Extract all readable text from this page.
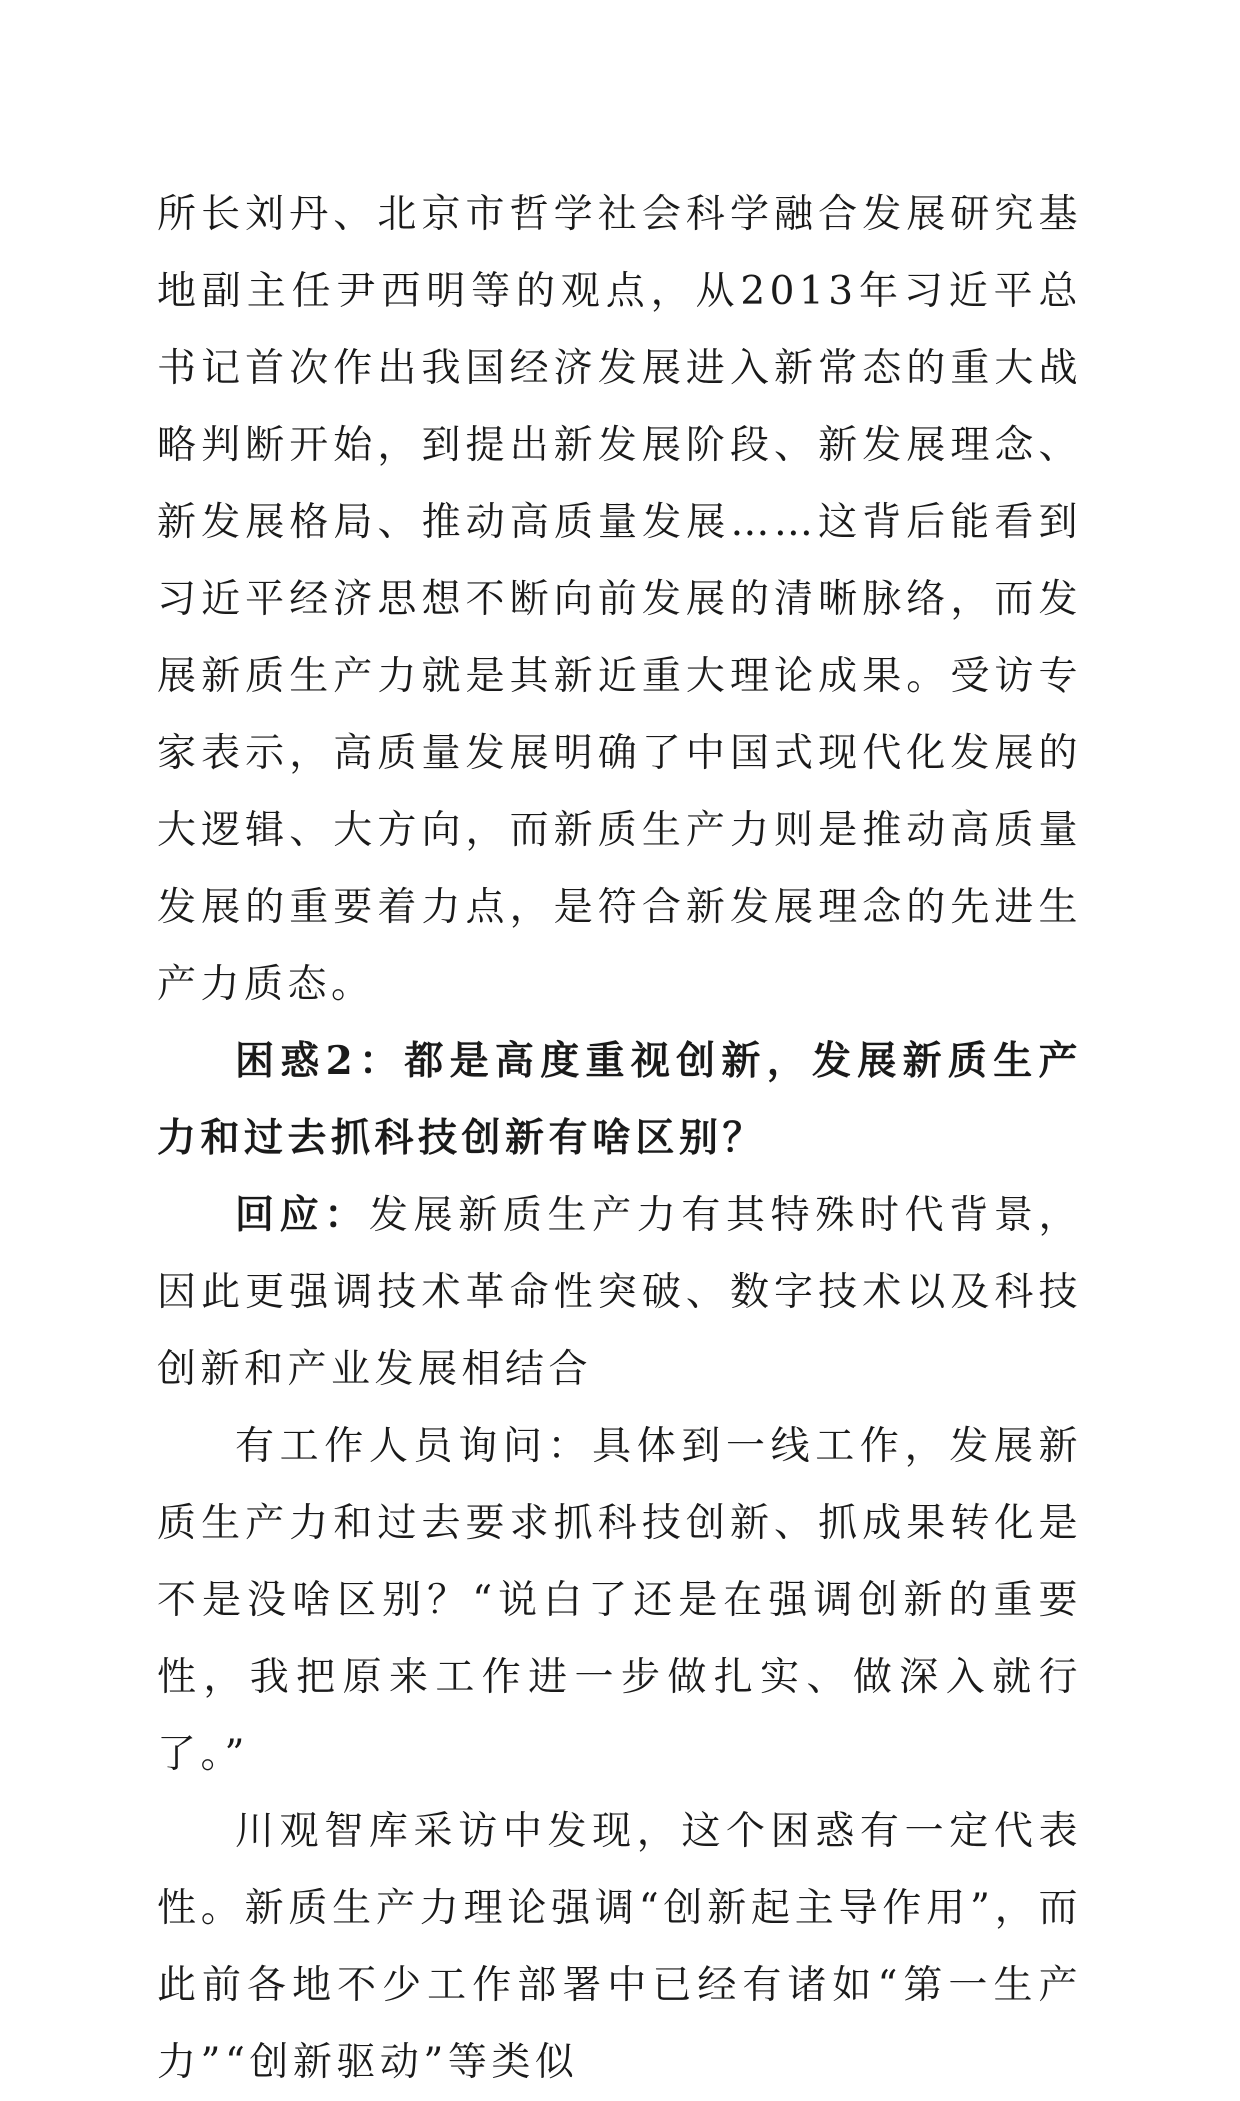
所长刘丹、北京市哲学社会科学融合发展研究基地副主任尹西明等的观点，从2013年习近平总书记首次作出我国经济发展进入新常态的重大战略判断开始，到提出新发展阶段、新发展理念、新发展格局、推动高质量发展……这背后能看到习近平经济思想不断向前发展的清晰脉络，而发展新质生产力就是其新近重大理论成果。受访专家表示，高质量发展明确了中国式现代化发展的大逻辑、大方向，而新质生产力则是推动高质量发展的重要着力点，是符合新发展理念的先进生产力质态。

困惑2：都是高度重视创新，发展新质生产力和过去抓科技创新有啥区别？

回应：发展新质生产力有其特殊时代背景，因此更强调技术革命性突破、数字技术以及科技创新和产业发展相结合

有工作人员询问：具体到一线工作，发展新质生产力和过去要求抓科技创新、抓成果转化是不是没啥区别？“说白了还是在强调创新的重要性，我把原来工作进一步做扎实、做深入就行了。”

川观智库采访中发现，这个困惑有一定代表性。新质生产力理论强调“创新起主导作用”，而此前各地不少工作部署中已经有诸如“第一生产力”“创新驱动”等类似
